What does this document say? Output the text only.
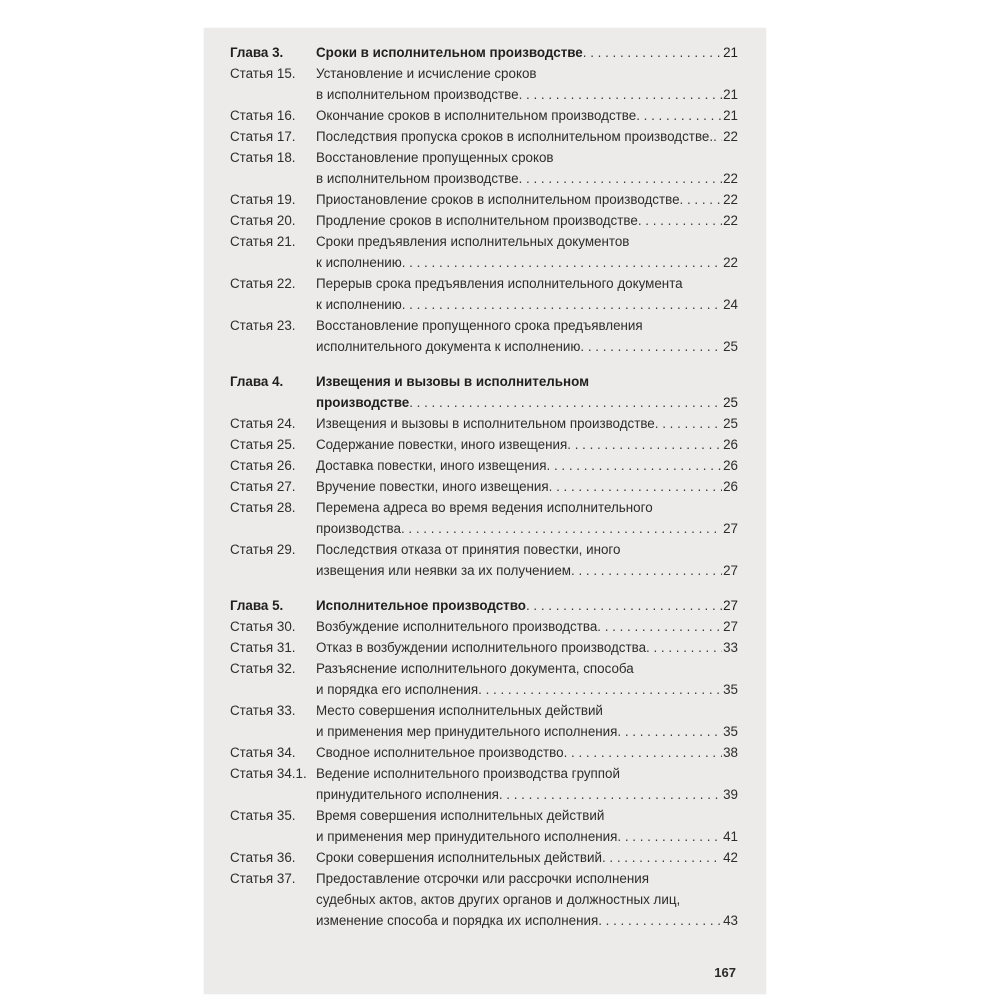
Глава 3. Сроки в исполнительном производстве . . .	21
Статья 15. Установление и исчисление сроков
в исполнительном производстве . . .	21
Статья 16. Окончание сроков в исполнительном производстве . . .	21
Статья 17. Последствия пропуска сроков в исполнительном производстве. . . . 22
Статья 18. Восстановление пропущенных сроков
в исполнительном производстве . . .	22
Статья 19. Приостановление сроков в исполнительном производстве . . .	22
Статья 20. Продление сроков в исполнительном производстве . . .	22
Статья 21. Сроки предъявления исполнительных документов
к исполнению . . .	22
Статья 22. Перерыв срока предъявления исполнительного документа
к исполнению . . .	24
Статья 23. Восстановление пропущенного срока предъявления
исполнительного документа к исполнению . . .	25
Глава 4. Извещения и вызовы в исполнительном
производстве . . .	25
Статья 24. Извещения и вызовы в исполнительном производстве . . .	25
Статья 25. Содержание повестки, иного извещения . . .	26
Статья 26. Доставка повестки, иного извещения . . .	26
Статья 27. Вручение повестки, иного извещения . . .	26
Статья 28. Перемена адреса во время ведения исполнительного
производства . . .	27
Статья 29. Последствия отказа от принятия повестки, иного
извещения или неявки за их получением . . .	27
Глава 5. Исполнительное производство . . .	27
Статья 30. Возбуждение исполнительного производства . . .	27
Статья 31. Отказ в возбуждении исполнительного производства . . .	33
Статья 32. Разъяснение исполнительного документа, способа
и порядка его исполнения . . .	35
Статья 33. Место совершения исполнительных действий
и применения мер принудительного исполнения . . .	35
Статья 34. Сводное исполнительное производство . . .	38
Статья 34.1. Ведение исполнительного производства группой
принудительного исполнения . . .	39
Статья 35. Время совершения исполнительных действий
и применения мер принудительного исполнения . . .	41
Статья 36. Сроки совершения исполнительных действий . . .	42
Статья 37. Предоставление отсрочки или рассрочки исполнения
судебных актов, актов других органов и должностных лиц,
изменение способа и порядка их исполнения . . .	43
167
